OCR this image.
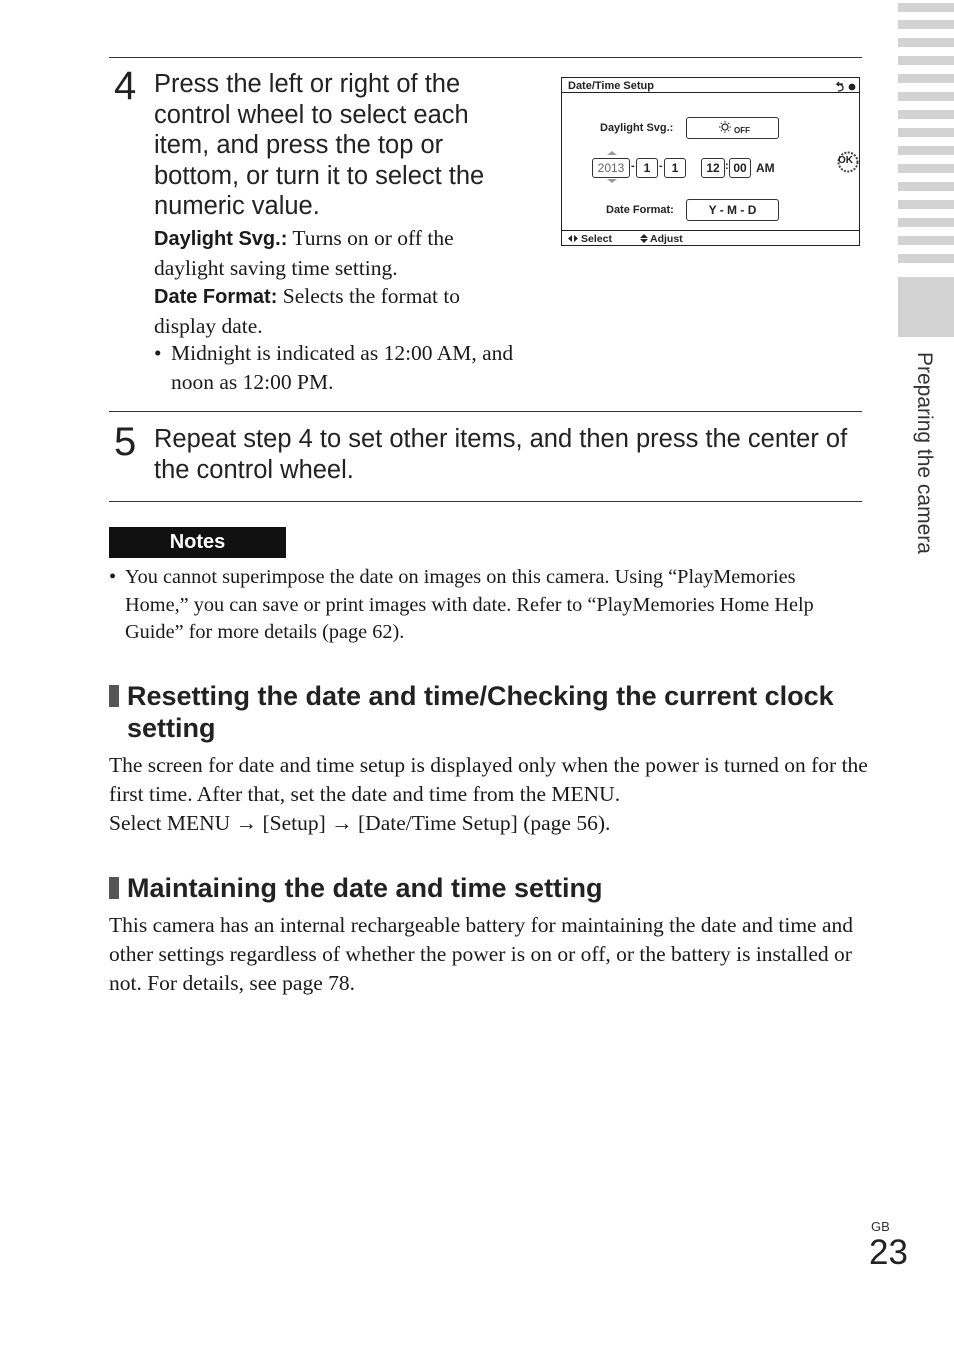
Preparing the camera
4 Press the left or right of the control wheel to select each item, and press the top or bottom, or turn it to select the numeric value.
Daylight Svg.: Turns on or off the daylight saving time setting.
Date Format: Selects the format to display date.
• Midnight is indicated as 12:00 AM, and noon as 12:00 PM.
Date/Time Setup
Daylight Svg.:	OFF
2013 - 1 - 1	12 : 00 AM
OK
Date Format:	Y - M - D
Select	Adjust
5 Repeat step 4 to set other items, and then press the center of the control wheel.
Notes
• You cannot superimpose the date on images on this camera. Using “PlayMemories Home,” you can save or print images with date. Refer to “PlayMemories Home Help Guide” for more details (page 62).
Resetting the date and time/Checking the current clock setting
The screen for date and time setup is displayed only when the power is turned on for the first time. After that, set the date and time from the MENU.
Select MENU → [Setup] → [Date/Time Setup] (page 56).
Maintaining the date and time setting
This camera has an internal rechargeable battery for maintaining the date and time and other settings regardless of whether the power is on or off, or the battery is installed or not. For details, see page 78.
GB
23
